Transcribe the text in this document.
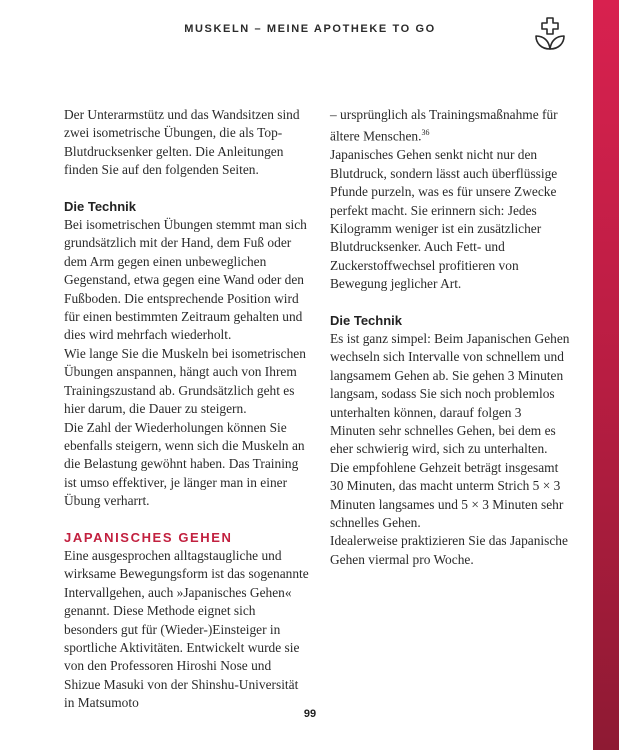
MUSKELN – MEINE APOTHEKE TO GO

Der Unterarmstütz und das Wandsitzen sind zwei isometrische Übungen, die als Top-Blutdrucksenker gelten. Die Anleitungen finden Sie auf den folgenden Seiten.

Die Technik

Bei isometrischen Übungen stemmt man sich grundsätzlich mit der Hand, dem Fuß oder dem Arm gegen einen unbeweglichen Gegenstand, etwa gegen eine Wand oder den Fußboden. Die entsprechende Position wird für einen bestimmten Zeitraum gehalten und dies wird mehrfach wiederholt.

Wie lange Sie die Muskeln bei isometrischen Übungen anspannen, hängt auch von Ihrem Trainingszustand ab. Grundsätzlich geht es hier darum, die Dauer zu steigern.

Die Zahl der Wiederholungen können Sie ebenfalls steigern, wenn sich die Muskeln an die Belastung gewöhnt haben. Das Training ist umso effektiver, je länger man in einer Übung verharrt.

JAPANISCHES GEHEN

Eine ausgesprochen alltagstaugliche und wirksame Bewegungsform ist das sogenannte Intervallgehen, auch »Japanisches Gehen« genannt. Diese Methode eignet sich besonders gut für (Wieder-)Einsteiger in sportliche Aktivitäten. Entwickelt wurde sie von den Professoren Hiroshi Nose und Shizue Masuki von der Shinshu-Universität in Matsumoto

– ursprünglich als Trainingsmaßnahme für ältere Menschen.$^{36}$

Japanisches Gehen senkt nicht nur den Blutdruck, sondern lässt auch überflüssige Pfunde purzeln, was es für unsere Zwecke perfekt macht. Sie erinnern sich: Jedes Kilogramm weniger ist ein zusätzlicher Blutdrucksenker. Auch Fett- und Zuckerstoffwechsel profitieren von Bewegung jeglicher Art.

Die Technik

Es ist ganz simpel: Beim Japanischen Gehen wechseln sich Intervalle von schnellem und langsamem Gehen ab. Sie gehen 3 Minuten langsam, sodass Sie sich noch problemlos unterhalten können, darauf folgen 3 Minuten sehr schnelles Gehen, bei dem es eher schwierig wird, sich zu unterhalten.

Die empfohlene Gehzeit beträgt insgesamt 30 Minuten, das macht unterm Strich 5 × 3 Minuten langsames und 5 × 3 Minuten sehr schnelles Gehen.

Idealerweise praktizieren Sie das Japanische Gehen viermal pro Woche.

99
